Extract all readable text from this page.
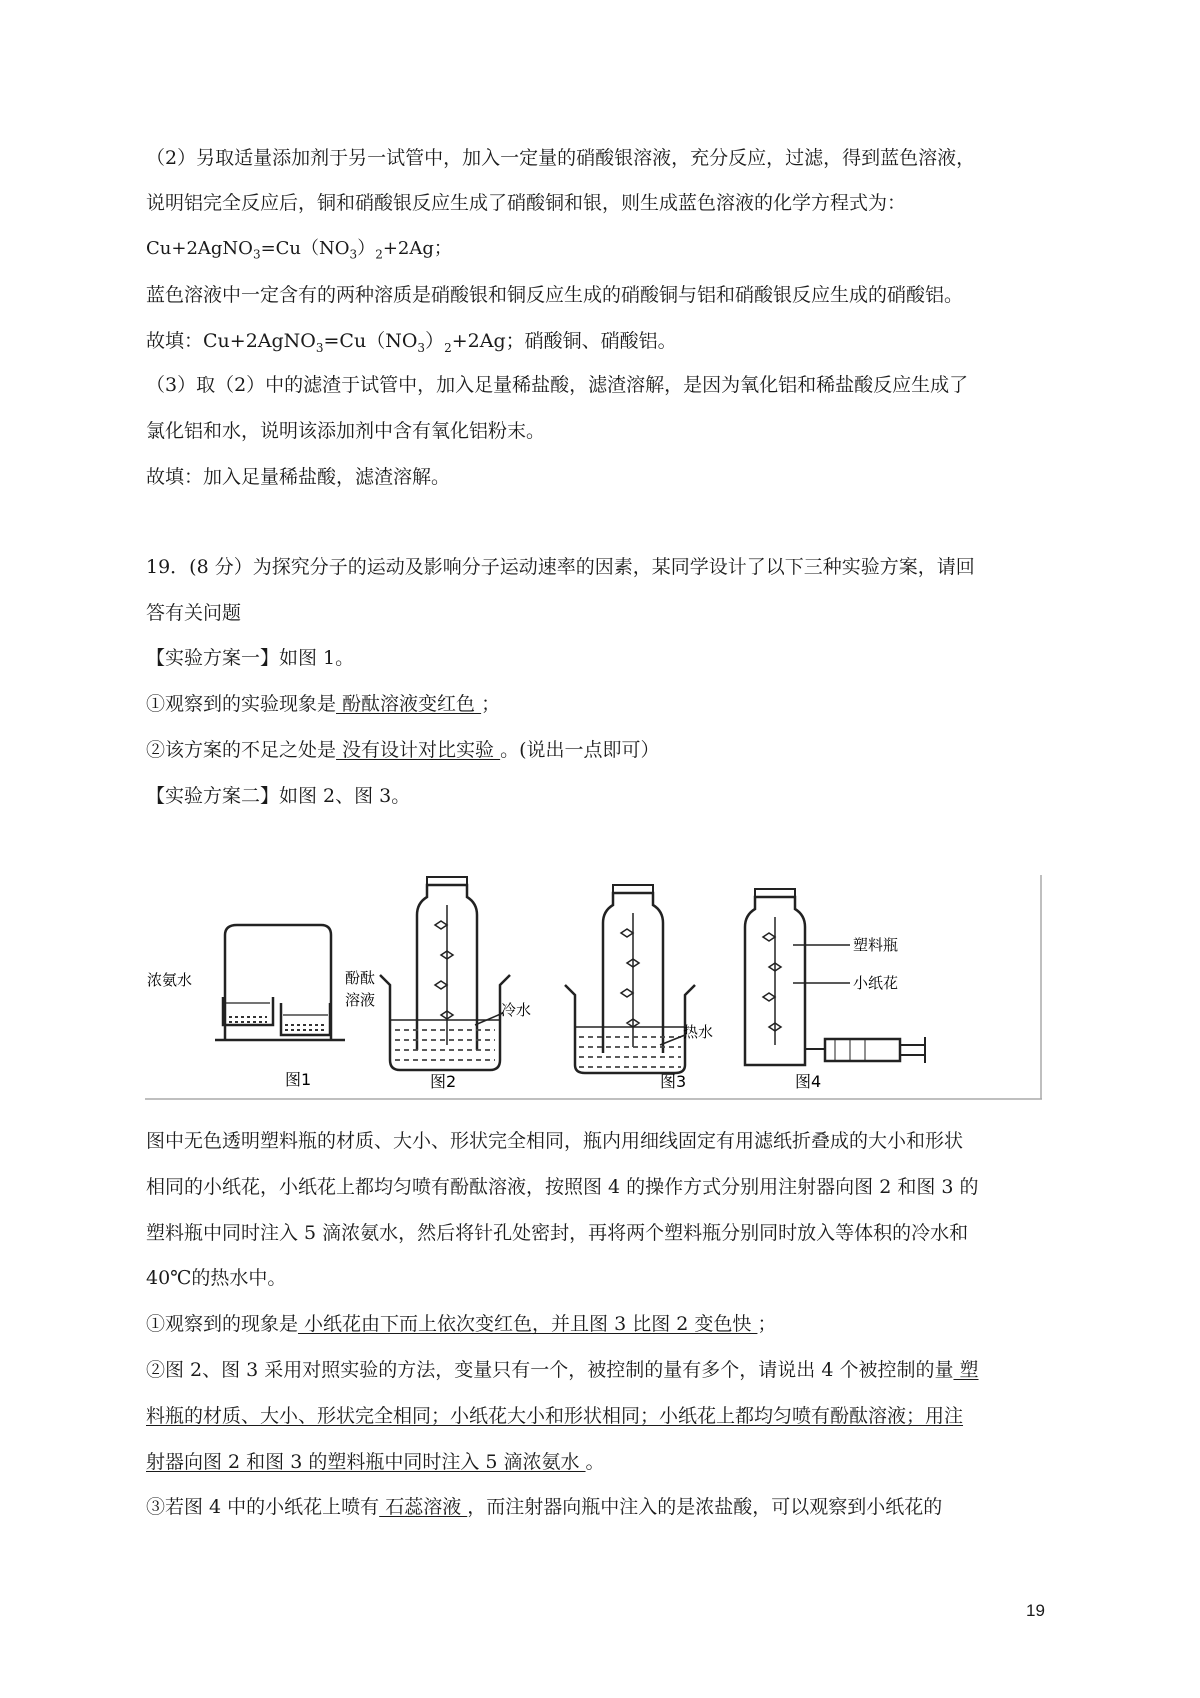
（2）另取适量添加剂于另一试管中，加入一定量的硝酸银溶液，充分反应，过滤，得到蓝色溶液，
说明铝完全反应后，铜和硝酸银反应生成了硝酸铜和银，则生成蓝色溶液的化学方程式为：
$Cu+2AgNO_3=Cu(NO_3)_2+2Ag$；
蓝色溶液中一定含有的两种溶质是硝酸银和铜反应生成的硝酸铜与铝和硝酸银反应生成的硝酸铝。
故填：$Cu+2AgNO_3=Cu(NO_3)_2+2Ag$；硝酸铜、硝酸铝。
（3）取（2）中的滤渣于试管中，加入足量稀盐酸，滤渣溶解，是因为氧化铝和稀盐酸反应生成了
氯化铝和水，说明该添加剂中含有氧化铝粉末。
故填：加入足量稀盐酸，滤渣溶解。
19．(8 分）为探究分子的运动及影响分子运动速率的因素，某同学设计了以下三种实验方案，请回
答有关问题
【实验方案一】如图 1。
①观察到的实验现象是 酚酞溶液变红色 ；
②该方案的不足之处是 没有设计对比实验 。(说出一点即可）
【实验方案二】如图 2、图 3。
浓氨水	酚酞
溶液
图1
冷水
图2
热水
图3
塑料瓶
小纸花
图4
图中无色透明塑料瓶的材质、大小、形状完全相同，瓶内用细线固定有用滤纸折叠成的大小和形状
相同的小纸花，小纸花上都均匀喷有酚酞溶液，按照图 4 的操作方式分别用注射器向图 2 和图 3 的
塑料瓶中同时注入 5 滴浓氨水，然后将针孔处密封，再将两个塑料瓶分别同时放入等体积的冷水和
40℃的热水中。
①观察到的现象是 小纸花由下而上依次变红色，并且图 3 比图 2 变色快 ；
②图 2、图 3 采用对照实验的方法，变量只有一个，被控制的量有多个，请说出 4 个被控制的量 塑
料瓶的材质、大小、形状完全相同；小纸花大小和形状相同；小纸花上都均匀喷有酚酞溶液；用注
射器向图 2 和图 3 的塑料瓶中同时注入 5 滴浓氨水 。
③若图 4 中的小纸花上喷有 石蕊溶液 ，而注射器向瓶中注入的是浓盐酸，可以观察到小纸花的
19
